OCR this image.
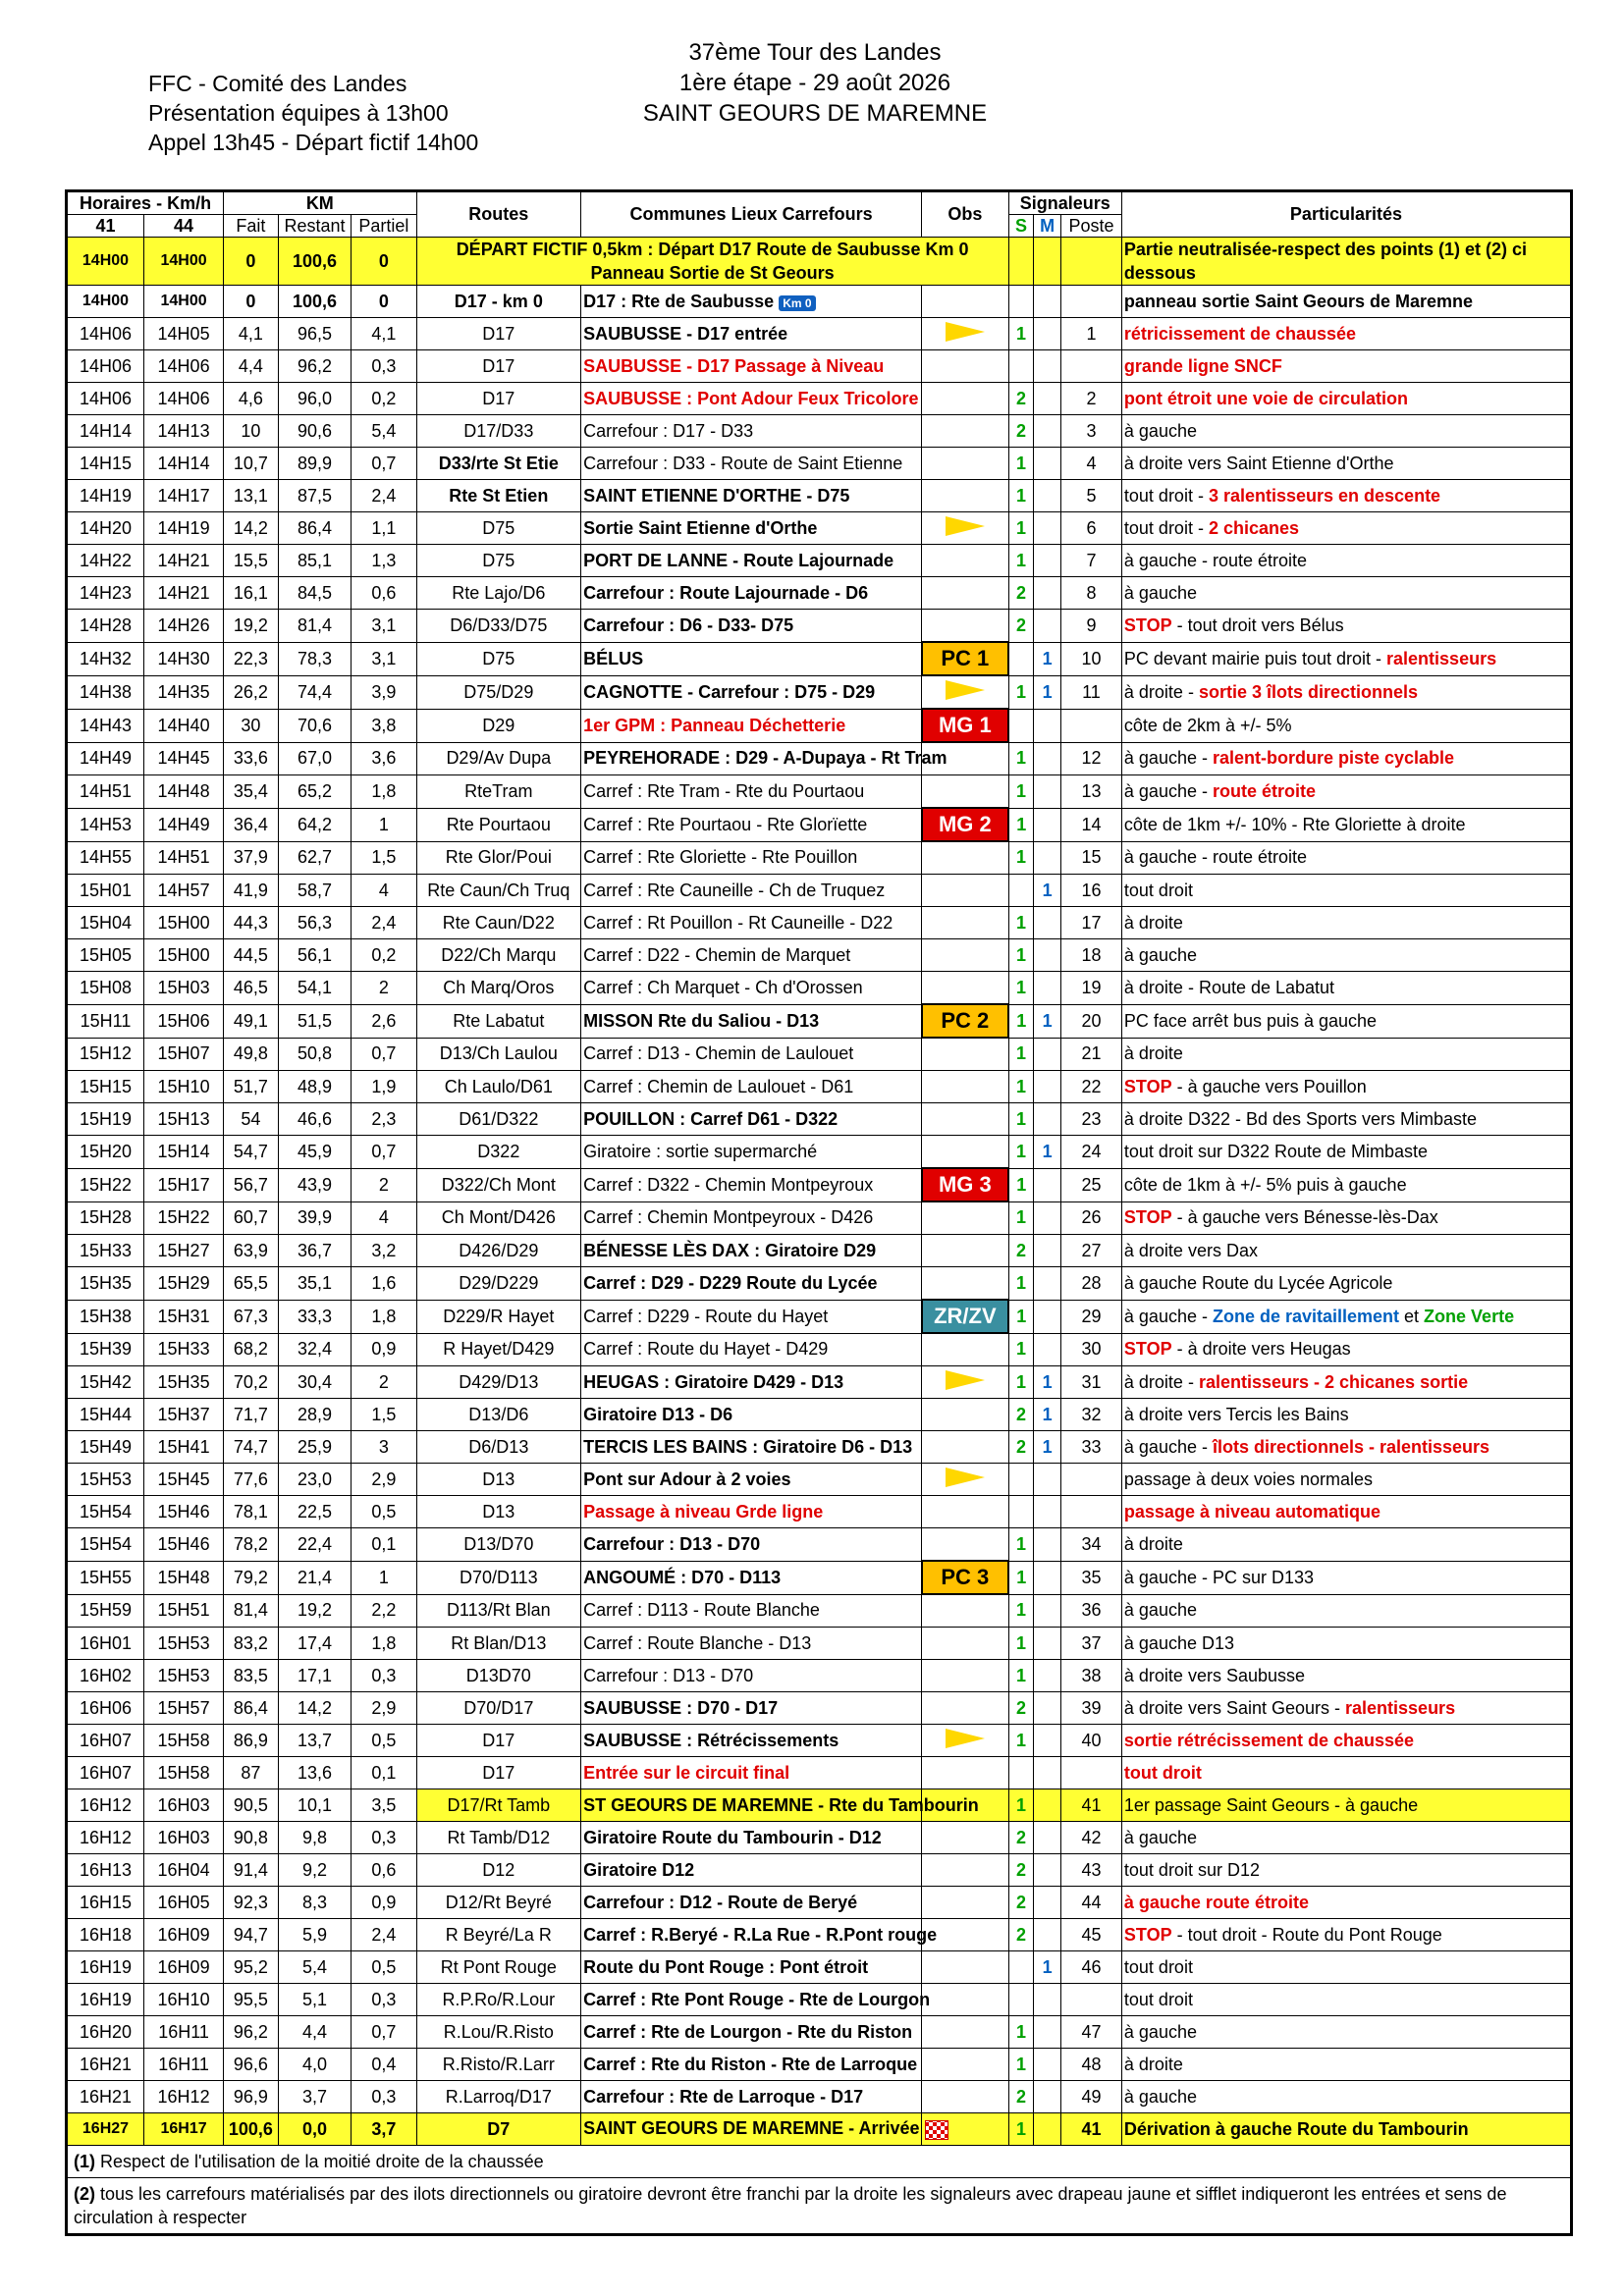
FFC - Comité des Landes
Présentation équipes à 13h00
Appel 13h45 - Départ fictif 14h00
37ème Tour des Landes
1ère étape - 29 août 2026
SAINT GEOURS DE MAREMNE
Horaires - Km/h		KM			Routes	Communes Lieux Carrefours	Obs	Signaleurs			Particularités
41	44	Fait	Restant	Partiel				S	M	Poste	
14H00	14H00	0	100,6	0	DÉPART FICTIF 0,5km : Départ D17 Route de Saubusse Km 0 Panneau Sortie de St Geours						Partie neutralisée-respect des points (1) et (2) ci dessous
14H00	14H00	0	100,6	0	D17 - km 0	D17 : Rte de Saubusse Km 0					panneau sortie Saint Geours de Maremne
14H06	14H05	4,1	96,5	4,1	D17	SAUBUSSE - D17 entrée		1		1	rétricissement de chaussée
14H06	14H06	4,4	96,2	0,3	D17	SAUBUSSE - D17 Passage à Niveau					grande ligne SNCF
14H06	14H06	4,6	96,0	0,2	D17	SAUBUSSE : Pont Adour Feux Tricolore		2		2	pont étroit une voie de circulation
14H14	14H13	10	90,6	5,4	D17/D33	Carrefour : D17 - D33		2		3	à gauche
14H15	14H14	10,7	89,9	0,7	D33/rte St Etie	Carrefour : D33 - Route de Saint Etienne		1		4	à droite vers Saint Etienne d'Orthe
14H19	14H17	13,1	87,5	2,4	Rte St Etien	SAINT ETIENNE D'ORTHE - D75		1		5	tout droit - 3 ralentisseurs en descente
14H20	14H19	14,2	86,4	1,1	D75	Sortie Saint Etienne d'Orthe		1		6	tout droit - 2 chicanes
14H22	14H21	15,5	85,1	1,3	D75	PORT DE LANNE - Route Lajournade		1		7	à gauche - route étroite
14H23	14H21	16,1	84,5	0,6	Rte Lajo/D6	Carrefour : Route Lajournade - D6		2		8	à gauche
14H28	14H26	19,2	81,4	3,1	D6/D33/D75	Carrefour : D6 - D33- D75		2		9	STOP - tout droit vers Bélus
14H32	14H30	22,3	78,3	3,1	D75	BÉLUS	PC 1		1	10	PC devant mairie puis tout droit - ralentisseurs
14H38	14H35	26,2	74,4	3,9	D75/D29	CAGNOTTE - Carrefour : D75 - D29		1	1	11	à droite - sortie 3 îlots directionnels
14H43	14H40	30	70,6	3,8	D29	1er GPM : Panneau Déchetterie	MG 1				côte de 2km à +/- 5%
14H49	14H45	33,6	67,0	3,6	D29/Av Dupa	PEYREHORADE : D29 - A-Dupaya - Rt Tram		1		12	à gauche - ralent-bordure piste cyclable
14H51	14H48	35,4	65,2	1,8	RteTram	Carref : Rte Tram - Rte du Pourtaou		1		13	à gauche - route étroite
14H53	14H49	36,4	64,2	1	Rte Pourtaou	Carref : Rte Pourtaou - Rte Glorïette	MG 2	1		14	côte de 1km +/- 10% - Rte Gloriette à droite
14H55	14H51	37,9	62,7	1,5	Rte Glor/Poui	Carref : Rte Gloriette - Rte Pouillon		1		15	à gauche - route étroite
15H01	14H57	41,9	58,7	4	Rte Caun/Ch Truq	Carref : Rte Cauneille - Ch de Truquez			1	16	tout droit
15H04	15H00	44,3	56,3	2,4	Rte Caun/D22	Carref : Rt Pouillon - Rt Cauneille - D22		1		17	à droite
15H05	15H00	44,5	56,1	0,2	D22/Ch Marqu	Carref : D22 - Chemin de Marquet		1		18	à gauche
15H08	15H03	46,5	54,1	2	Ch Marq/Oros	Carref : Ch Marquet - Ch d'Orossen		1		19	à droite - Route de Labatut
15H11	15H06	49,1	51,5	2,6	Rte Labatut	MISSON Rte du Saliou - D13	PC 2	1	1	20	PC face arrêt bus puis à gauche
15H12	15H07	49,8	50,8	0,7	D13/Ch Laulou	Carref : D13 - Chemin de Laulouet		1		21	à droite
15H15	15H10	51,7	48,9	1,9	Ch Laulo/D61	Carref : Chemin de Laulouet - D61		1		22	STOP - à gauche vers Pouillon
15H19	15H13	54	46,6	2,3	D61/D322	POUILLON : Carref D61 - D322		1		23	à droite D322 - Bd des Sports vers Mimbaste
15H20	15H14	54,7	45,9	0,7	D322	Giratoire : sortie supermarché		1	1	24	tout droit sur D322 Route de Mimbaste
15H22	15H17	56,7	43,9	2	D322/Ch Mont	Carref : D322 - Chemin Montpeyroux	MG 3	1		25	côte de 1km à +/- 5% puis à gauche
15H28	15H22	60,7	39,9	4	Ch Mont/D426	Carref : Chemin Montpeyroux - D426		1		26	STOP - à gauche vers Bénesse-lès-Dax
15H33	15H27	63,9	36,7	3,2	D426/D29	BÉNESSE LÈS DAX : Giratoire D29		2		27	à droite vers Dax
15H35	15H29	65,5	35,1	1,6	D29/D229	Carref : D29 - D229 Route du Lycée		1		28	à gauche Route du Lycée Agricole
15H38	15H31	67,3	33,3	1,8	D229/R Hayet	Carref : D229 - Route du Hayet	ZR/ZV	1		29	à gauche - Zone de ravitaillement et Zone Verte
15H39	15H33	68,2	32,4	0,9	R Hayet/D429	Carref : Route du Hayet - D429		1		30	STOP - à droite vers Heugas
15H42	15H35	70,2	30,4	2	D429/D13	HEUGAS : Giratoire D429 - D13		1	1	31	à droite - ralentisseurs - 2 chicanes sortie
15H44	15H37	71,7	28,9	1,5	D13/D6	Giratoire D13 - D6		2	1	32	à droite vers Tercis les Bains
15H49	15H41	74,7	25,9	3	D6/D13	TERCIS LES BAINS : Giratoire D6 - D13		2	1	33	à gauche - îlots directionnels - ralentisseurs
15H53	15H45	77,6	23,0	2,9	D13	Pont sur Adour à 2 voies					passage à deux voies normales
15H54	15H46	78,1	22,5	0,5	D13	Passage à niveau Grde ligne					passage à niveau automatique
15H54	15H46	78,2	22,4	0,1	D13/D70	Carrefour : D13 - D70		1		34	à droite
15H55	15H48	79,2	21,4	1	D70/D113	ANGOUMÉ : D70 - D113	PC 3	1		35	à gauche - PC sur D133
15H59	15H51	81,4	19,2	2,2	D113/Rt Blan	Carref : D113 - Route Blanche		1		36	à gauche
16H01	15H53	83,2	17,4	1,8	Rt Blan/D13	Carref : Route Blanche - D13		1		37	à gauche D13
16H02	15H53	83,5	17,1	0,3	D13D70	Carrefour : D13 - D70		1		38	à droite vers Saubusse
16H06	15H57	86,4	14,2	2,9	D70/D17	SAUBUSSE : D70 - D17		2		39	à droite vers Saint Geours - ralentisseurs
16H07	15H58	86,9	13,7	0,5	D17	SAUBUSSE : Rétrécissements		1		40	sortie rétrécissement de chaussée
16H07	15H58	87	13,6	0,1	D17	Entrée sur le circuit final					tout droit
16H12	16H03	90,5	10,1	3,5	D17/Rt Tamb	ST GEOURS DE MAREMNE - Rte du Tambourin		1		41	1er passage Saint Geours - à gauche
16H12	16H03	90,8	9,8	0,3	Rt Tamb/D12	Giratoire Route du Tambourin - D12		2		42	à gauche
16H13	16H04	91,4	9,2	0,6	D12	Giratoire D12		2		43	tout droit sur D12
16H15	16H05	92,3	8,3	0,9	D12/Rt Beyré	Carrefour : D12 - Route de Beryé		2		44	à gauche route étroite
16H18	16H09	94,7	5,9	2,4	R Beyré/La R	Carref : R.Beryé - R.La Rue - R.Pont rouge		2		45	STOP - tout droit - Route du Pont Rouge
16H19	16H09	95,2	5,4	0,5	Rt Pont Rouge	Route du Pont Rouge : Pont étroit			1	46	tout droit
16H19	16H10	95,5	5,1	0,3	R.P.Ro/R.Lour	Carref : Rte Pont Rouge - Rte de Lourgon					tout droit
16H20	16H11	96,2	4,4	0,7	R.Lou/R.Risto	Carref : Rte de Lourgon - Rte du Riston		1		47	à gauche
16H21	16H11	96,6	4,0	0,4	R.Risto/R.Larr	Carref : Rte du Riston - Rte de Larroque		1		48	à droite
16H21	16H12	96,9	3,7	0,3	R.Larroq/D17	Carrefour : Rte de Larroque - D17		2		49	à gauche
16H27	16H17	100,6	0,0	3,7	D7	SAINT GEOURS DE MAREMNE - Arrivée		1		41	Dérivation à gauche Route du Tambourin
(1) Respect de l'utilisation de la moitié droite de la chaussée											
(2) tous les carrefours matérialisés par des ilots directionnels ou giratoire devront être franchi par la droite les signaleurs avec drapeau jaune et sifflet indiqueront les entrées et sens de circulation à respecter											
